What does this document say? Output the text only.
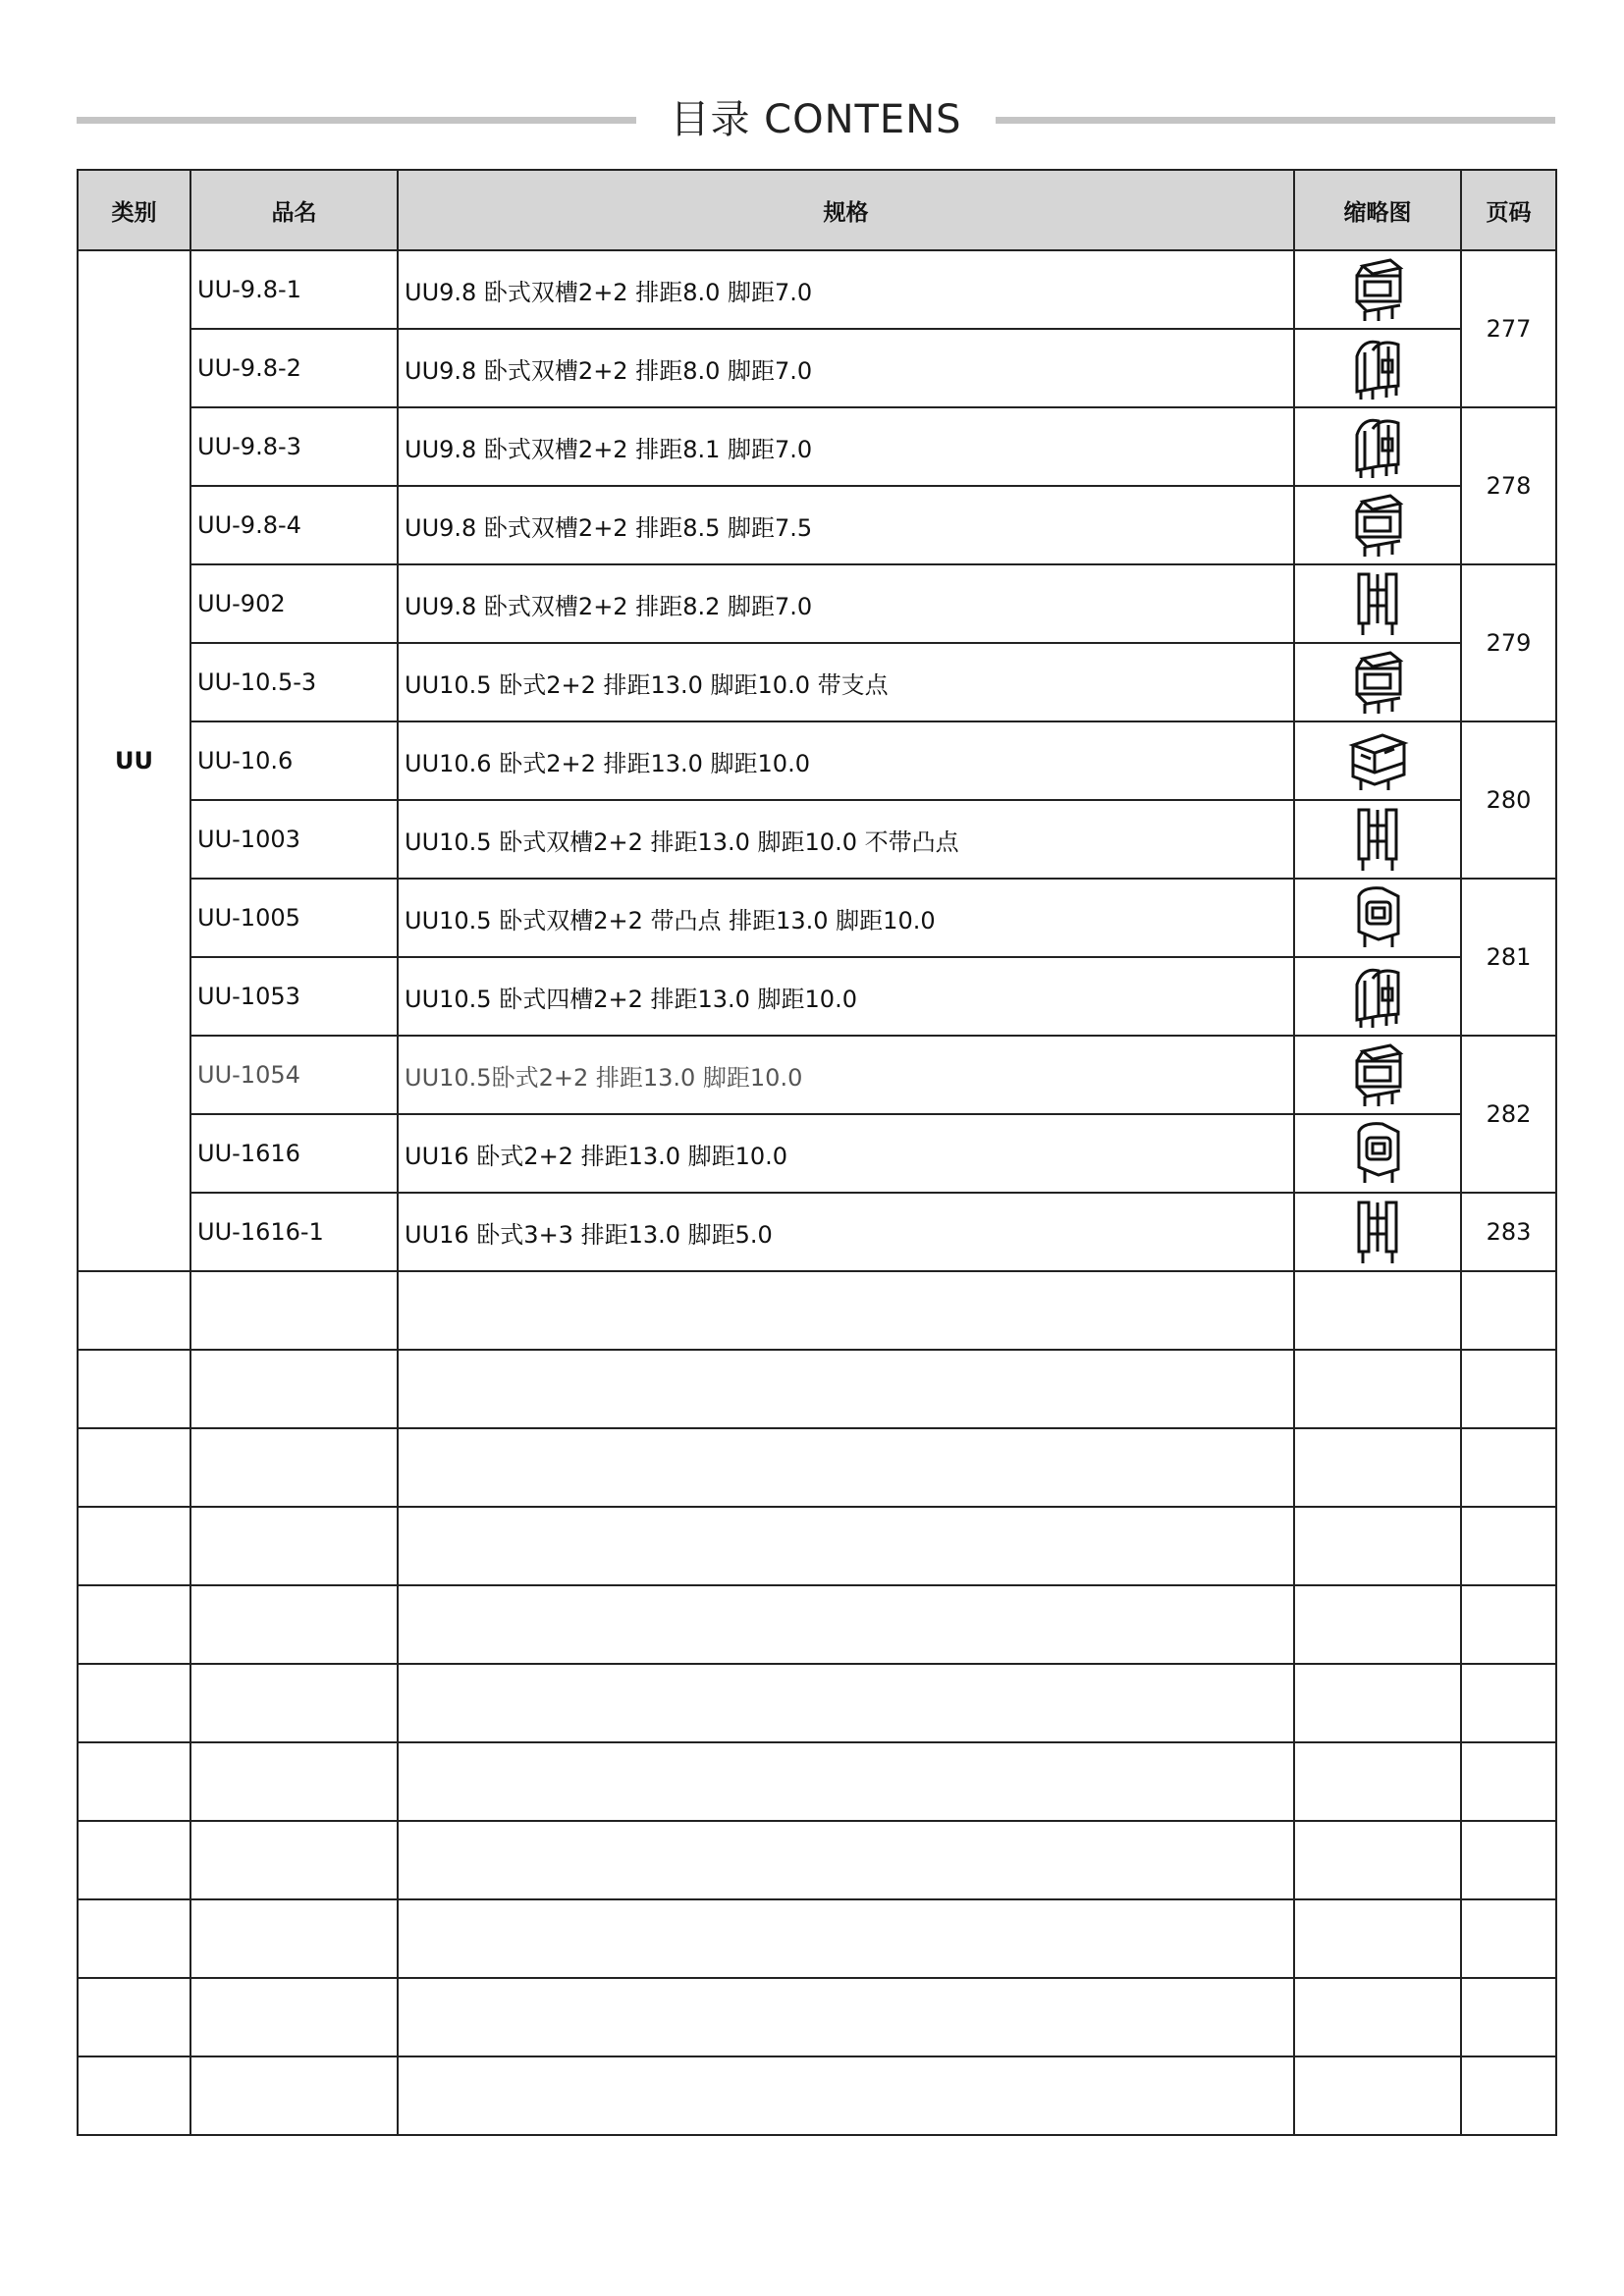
目录 CONTENS
类别	品名	规格	缩略图	页码
UU	UU-9.8-1	UU9.8 卧式双槽2+2 排距8.0 脚距7.0		277
	UU-9.8-2	UU9.8 卧式双槽2+2 排距8.0 脚距7.0	

	UU-9.8-3	UU9.8 卧式双槽2+2 排距8.1 脚距7.0		278
	UU-9.8-4	UU9.8 卧式双槽2+2 排距8.5 脚距7.5	

	UU-902	UU9.8 卧式双槽2+2 排距8.2 脚距7.0		279
	UU-10.5-3	UU10.5 卧式2+2 排距13.0 脚距10.0 带支点	

	UU-10.6	UU10.6 卧式2+2 排距13.0 脚距10.0		280
	UU-1003	UU10.5 卧式双槽2+2 排距13.0 脚距10.0 不带凸点	

	UU-1005	UU10.5 卧式双槽2+2 带凸点 排距13.0 脚距10.0		281
	UU-1053	UU10.5 卧式四槽2+2 排距13.0 脚距10.0	

	UU-1054	UU10.5卧式2+2 排距13.0 脚距10.0		282
	UU-1616	UU16 卧式2+2 排距13.0 脚距10.0	

	UU-1616-1	UU16 卧式3+3 排距13.0 脚距5.0		283
